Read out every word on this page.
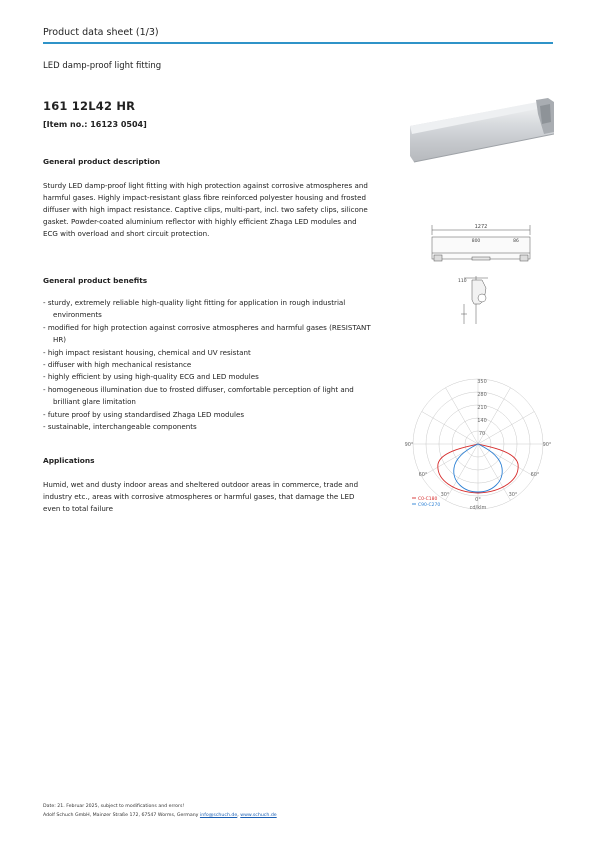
Product data sheet (1/3)
LED damp-proof light fitting
161 12L42 HR
[Item no.: 16123 0504]
General product description
Sturdy LED damp-proof light fitting with high protection against corrosive atmospheres and harmful gases. Highly impact-resistant glass fibre reinforced polyester housing and frosted diffuser with high impact resistance. Captive clips, multi-part, incl. two safety clips, silicone gasket. Powder-coated aluminium reflector with highly efficient Zhaga LED modules and ECG with overload and short circuit protection.
General product benefits
- sturdy, extremely reliable high-quality light fitting for application in rough industrial environments
- modified for high protection against corrosive atmospheres and harmful gases (RESISTANT HR)
- high impact resistant housing, chemical and UV resistant
- diffuser with high mechanical resistance
- highly efficient by using high-quality ECG and LED modules
- homogeneous illumination due to frosted diffuser, comfortable perception of light and brilliant glare limitation
- future proof by using standardised Zhaga LED modules
- sustainable, interchangeable components
Applications
Humid, wet and dusty indoor areas and sheltered outdoor areas in commerce, trade and industry etc., areas with corrosive atmospheres or harmful gases, that damage the LED even to total failure
1272
800	86
110
350
280
210
140
70
90°	90°
60°	60°
30°	30°
0°
cd/klm
C0-C180
C90-C270
Date: 21. Februar 2025, subject to modifications and errors!
Adolf Schuch GmbH, Mainzer Straße 172, 67547 Worms, Germany info@schuch.de, www.schuch.de
